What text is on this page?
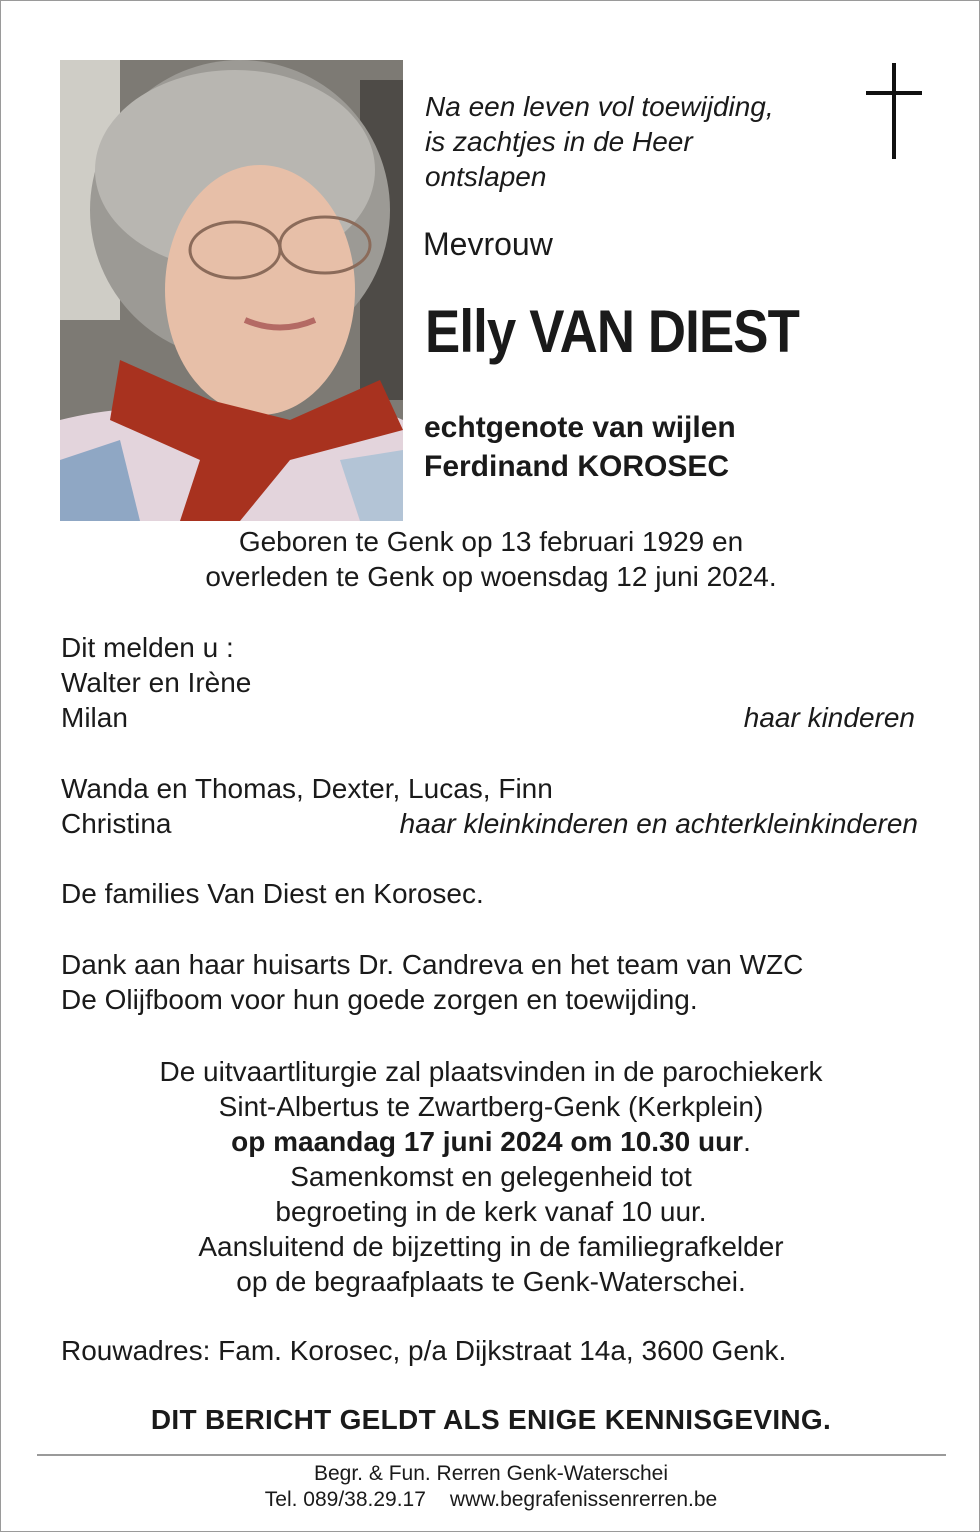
Na een leven vol toewijding,
is zachtjes in de Heer
ontslapen
Mevrouw
Elly VAN DIEST
echtgenote van wijlen
Ferdinand KOROSEC
Geboren te Genk op 13 februari 1929 en
overleden te Genk op woensdag 12 juni 2024.
Dit melden u :
Walter en Irène
Milan	haar kinderen
Wanda en Thomas, Dexter, Lucas, Finn
Christina	haar kleinkinderen en achterkleinkinderen
De families Van Diest en Korosec.
Dank aan haar huisarts Dr. Candreva en het team van WZC
De Olijfboom voor hun goede zorgen en toewijding.
De uitvaartliturgie zal plaatsvinden in de parochiekerk
Sint-Albertus te Zwartberg-Genk (Kerkplein)
op maandag 17 juni 2024 om 10.30 uur.
Samenkomst en gelegenheid tot
begroeting in de kerk vanaf 10 uur.
Aansluitend de bijzetting in de familiegrafkelder
op de begraafplaats te Genk-Waterschei.
Rouwadres: Fam. Korosec, p/a Dijkstraat 14a, 3600 Genk.
DIT BERICHT GELDT ALS ENIGE KENNISGEVING.
Begr. & Fun. Rerren Genk-Waterschei
Tel. 089/38.29.17 www.begrafenissenrerren.be
